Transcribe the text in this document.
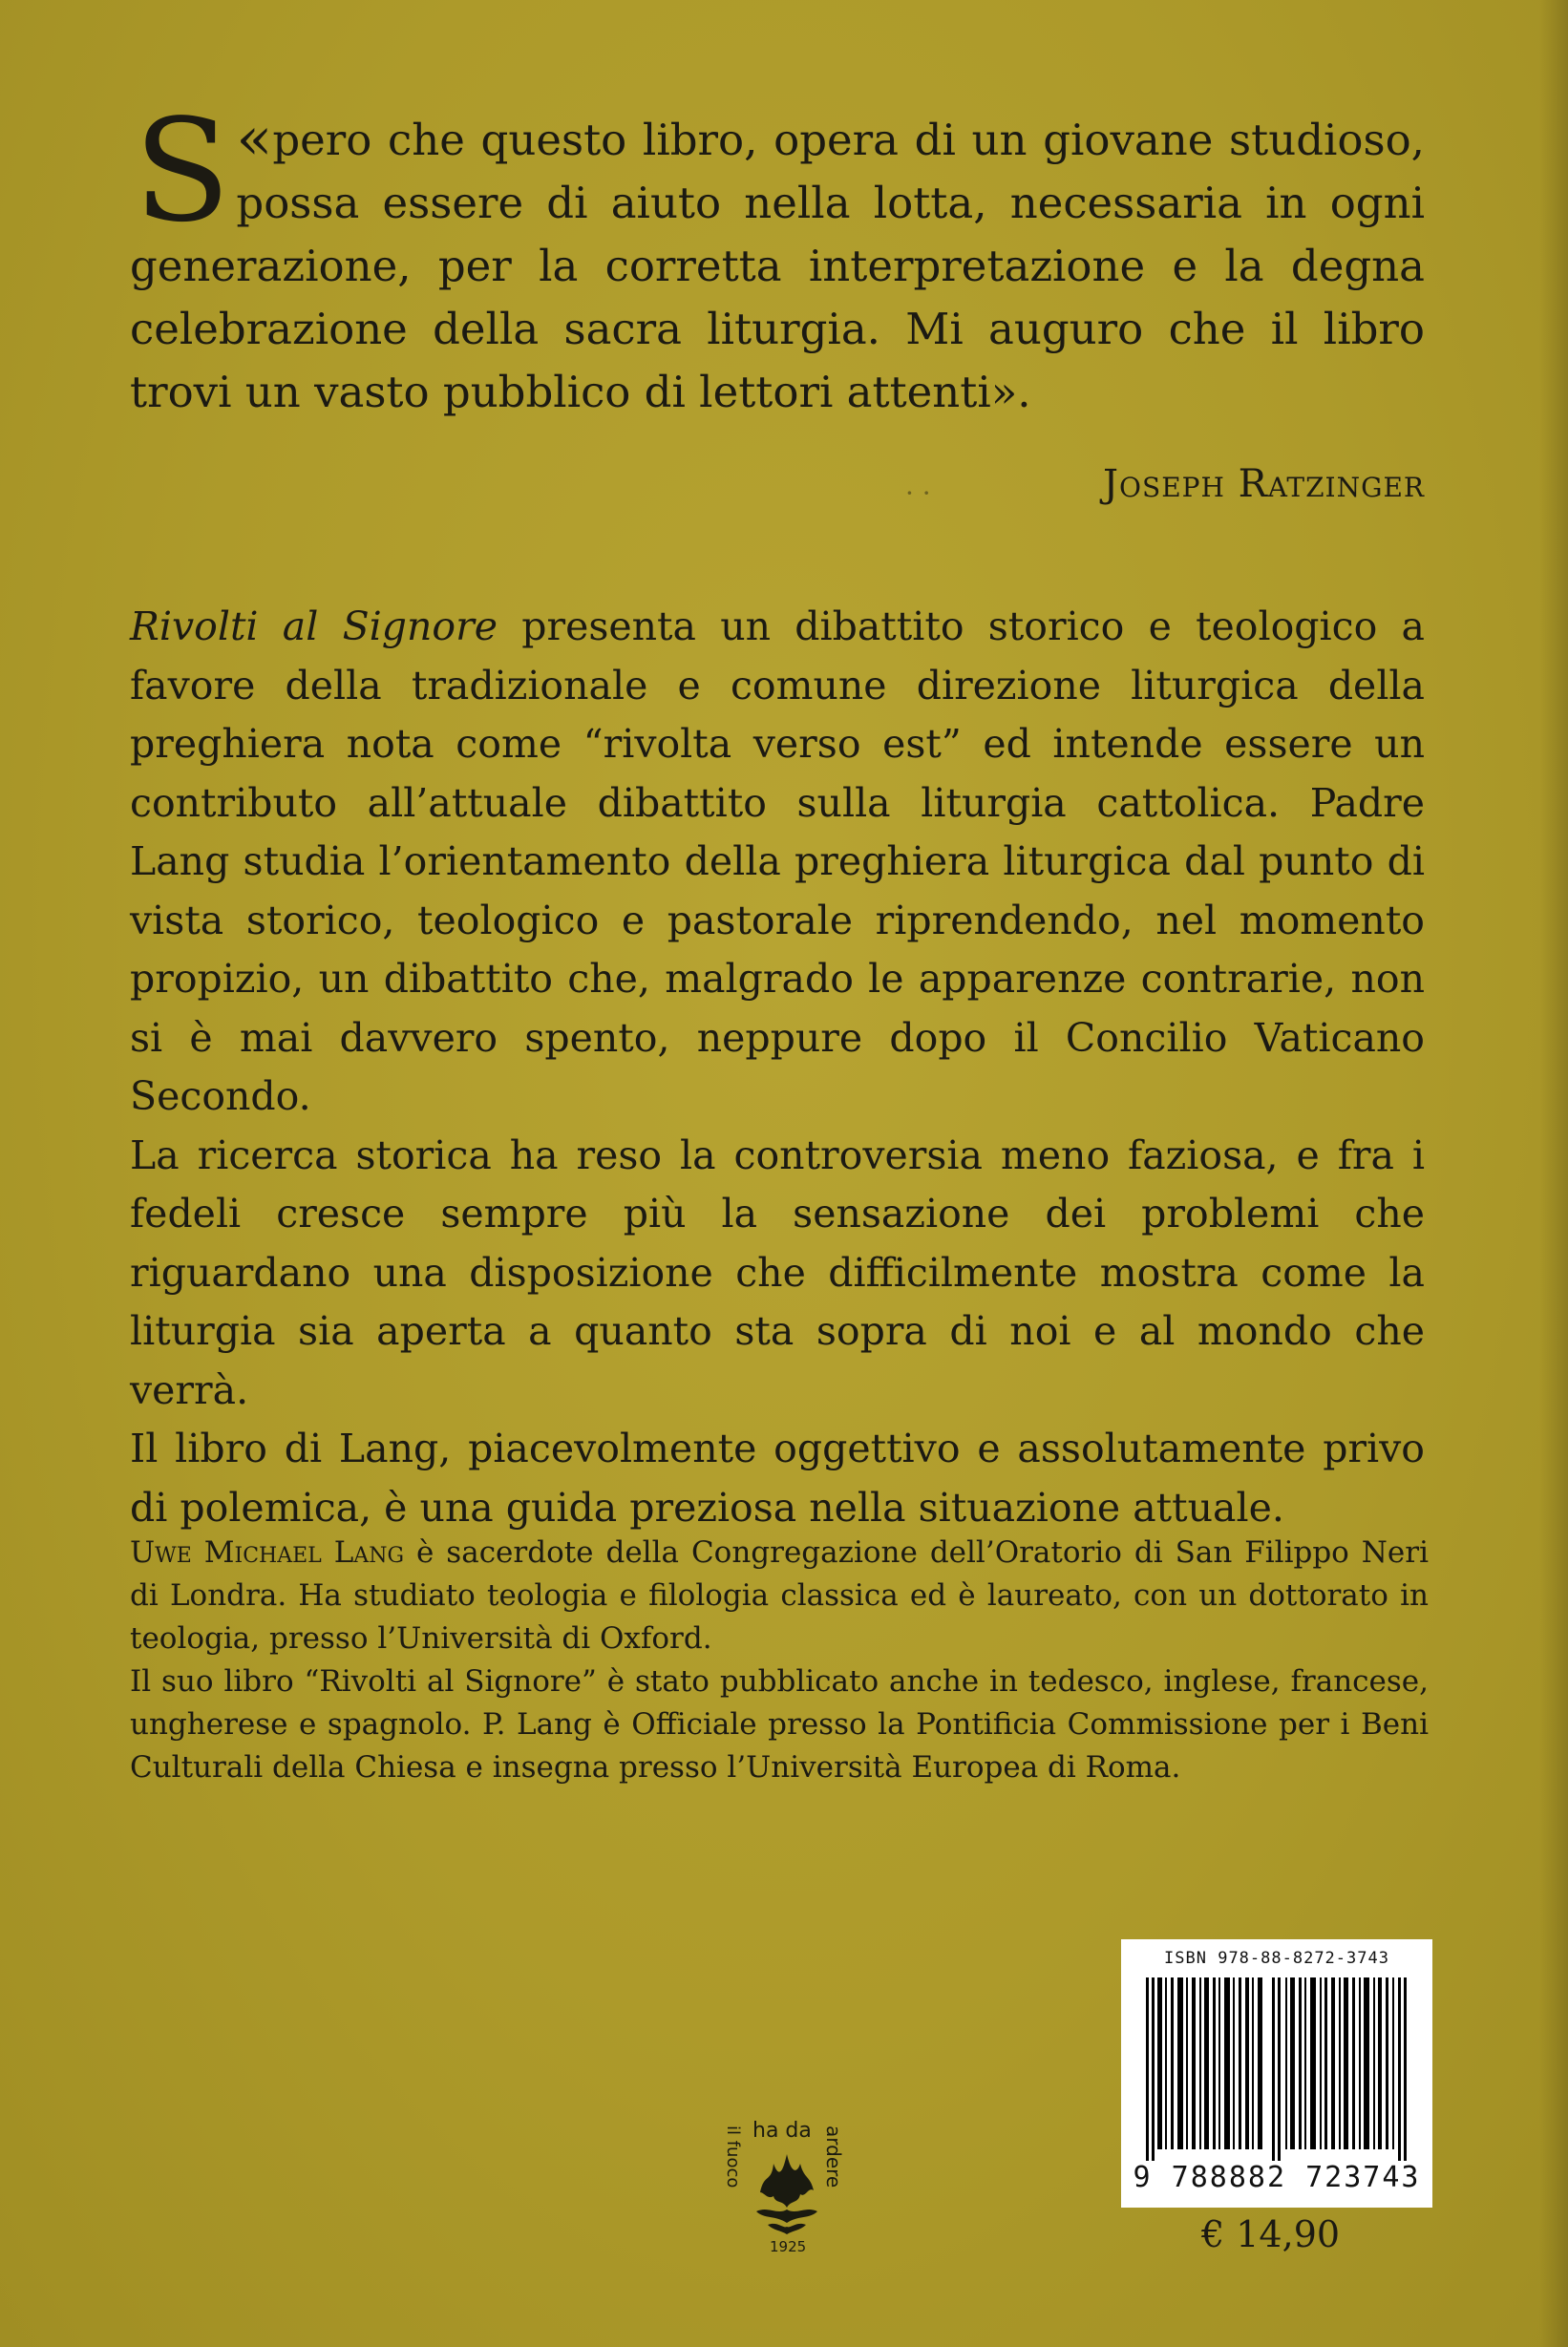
«
S pero che questo libro, opera di un giovane studioso, possa essere di aiuto nella lotta, necessaria in ogni generazione, per la corretta interpretazione e la degna celebrazione della sacra liturgia. Mi auguro che il libro trovi un vasto pubblico di lettori attenti».
· ·	Joseph Ratzinger

Rivolti al Signore presenta un dibattito storico e teologico a favore della tradizionale e comune direzione liturgica della preghiera nota come “rivolta verso est” ed intende essere un contributo all’attuale dibattito sulla liturgia cattolica. Padre Lang studia l’orientamento della preghiera liturgica dal punto di vista storico, teologico e pastorale riprendendo, nel momento propizio, un dibattito che, malgrado le apparenze contrarie, non si è mai davvero spento, neppure dopo il Concilio Vaticano Secondo.

La ricerca storica ha reso la controversia meno faziosa, e fra i fedeli cresce sempre più la sensazione dei problemi che riguardano una disposizione che difficilmente mostra come la liturgia sia aperta a quanto sta sopra di noi e al mondo che verrà.

Il libro di Lang, piacevolmente oggettivo e assolutamente privo di polemica, è una guida preziosa nella situazione attuale.

Uwe Michael Lang è sacerdote della Congregazione dell’Oratorio di San Filippo Neri di Londra. Ha studiato teologia e filologia classica ed è laureato, con un dottorato in teologia, presso l’Università di Oxford.

Il suo libro “Rivolti al Signore” è stato pubblicato anche in tedesco, inglese, francese, ungherese e spagnolo. P. Lang è Officiale presso la Pontificia Commissione per i Beni Culturali della Chiesa e insegna presso l’Università Europea di Roma.

ha da
il fuoco	ardere
1925
ISBN 978-88-8272-3743
9 788882 723743
€ 14,90
